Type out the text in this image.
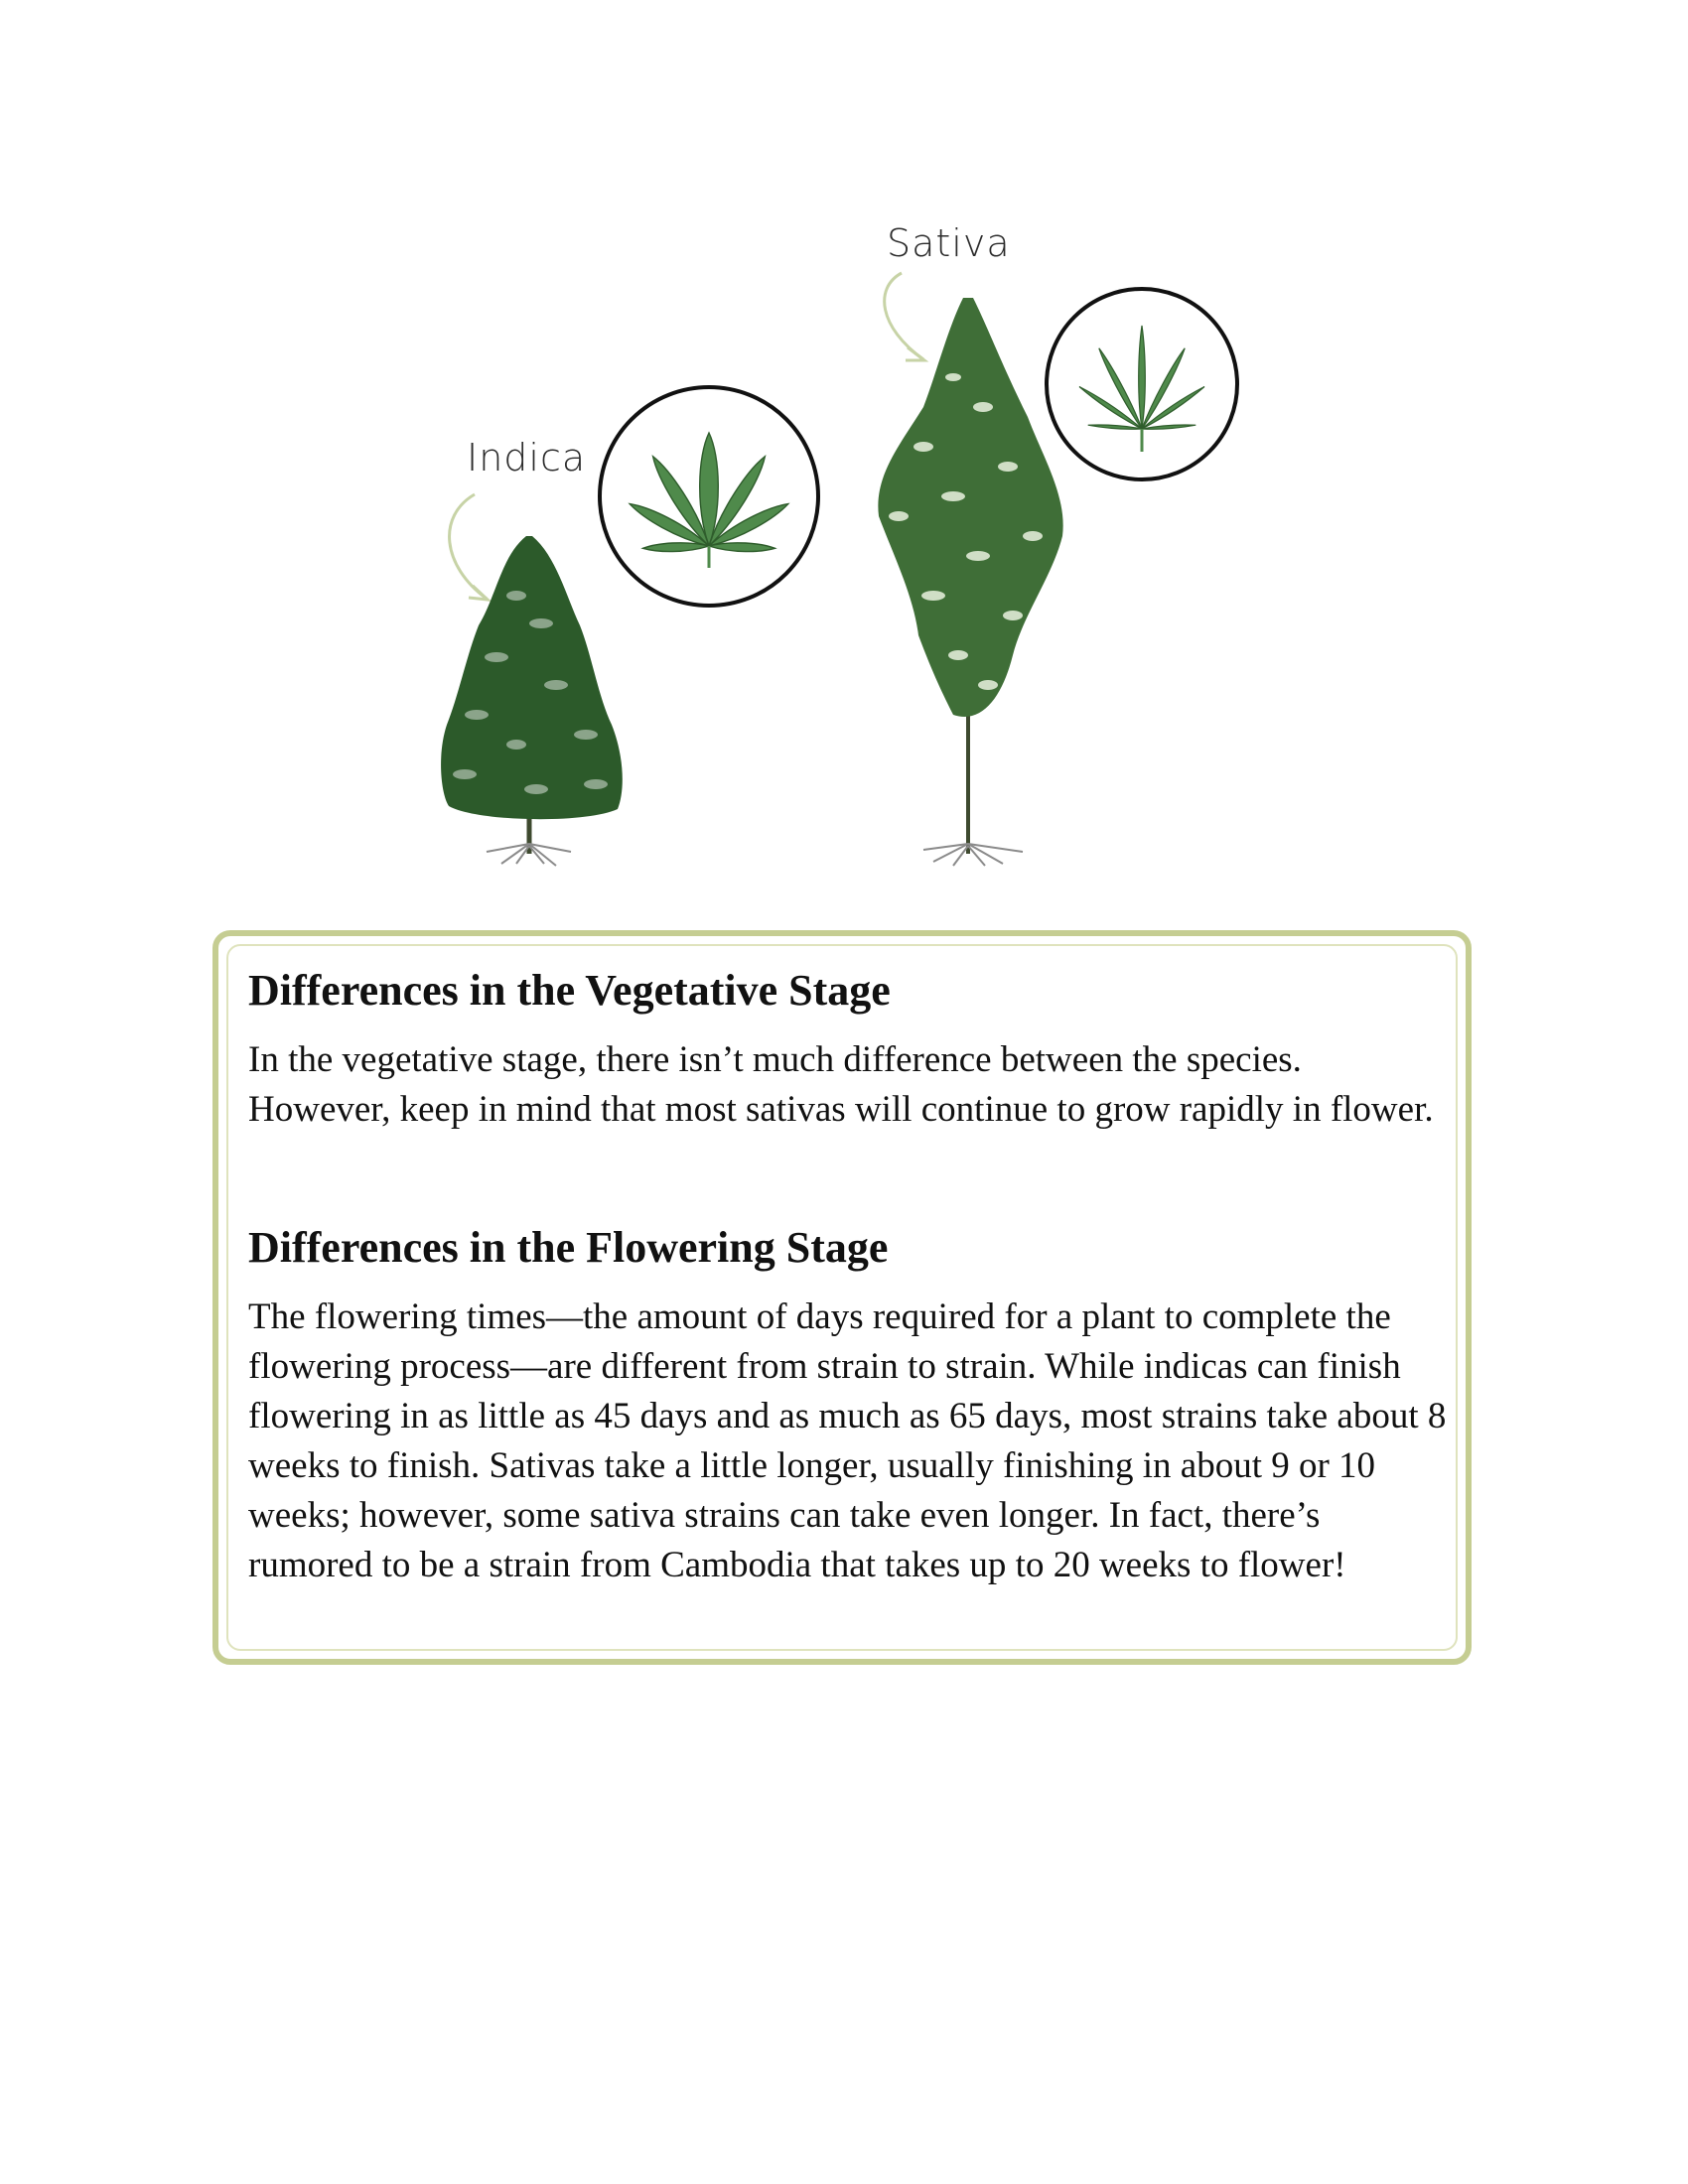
Indica
Sativa
Differences in the Vegetative Stage

In the vegetative stage, there isn’t much difference between the species. However, keep in mind that most sativas will continue to grow rapidly in flower.

Differences in the Flowering Stage

The flowering times—the amount of days required for a plant to complete the flowering process—are different from strain to strain. While indicas can finish flowering in as little as 45 days and as much as 65 days, most strains take about 8 weeks to finish. Sativas take a little longer, usually finishing in about 9 or 10 weeks; however, some sativa strains can take even longer. In fact, there’s rumored to be a strain from Cambodia that takes up to 20 weeks to flower!
